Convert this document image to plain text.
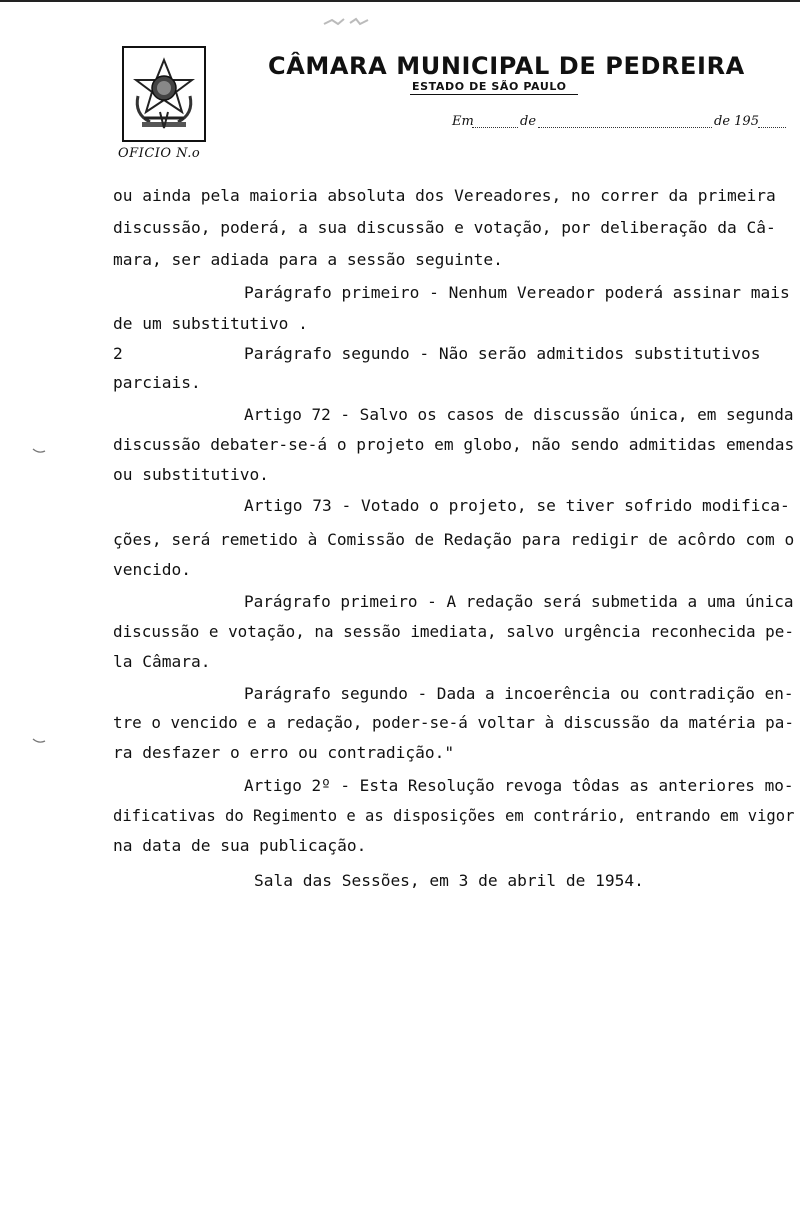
OFICIO N.o
CÂMARA MUNICIPAL DE PEDREIRA
ESTADO DE SÃO PAULO
Em	de	de 195
ou ainda pela maioria absoluta dos Vereadores, no correr da primeira
discussão, poderá, a sua discussão e votação, por deliberação da Câ-
mara, ser adiada para a sessão seguinte.
Parágrafo primeiro - Nenhum Vereador poderá assinar mais
de um substitutivo .
2	Parágrafo segundo - Não serão admitidos substitutivos
parciais.
Artigo 72 - Salvo os casos de discussão única, em segunda
discussão debater-se-á o projeto em globo, não sendo admitidas emendas
ou substitutivo.
Artigo 73 - Votado o projeto, se tiver sofrido modifica-
ções, será remetido à Comissão de Redação para redigir de acôrdo com o
vencido.
Parágrafo primeiro - A redação será submetida a uma única
discussão e votação, na sessão imediata, salvo urgência reconhecida pe-
la Câmara.
Parágrafo segundo - Dada a incoerência ou contradição en-
tre o vencido e a redação, poder-se-á voltar à discussão da matéria pa-
ra desfazer o erro ou contradição."
Artigo 2º - Esta Resolução revoga tôdas as anteriores mo-
dificativas do Regimento e as disposições em contrário, entrando em vigor
na data de sua publicação.
Sala das Sessões, em 3 de abril de 1954.
